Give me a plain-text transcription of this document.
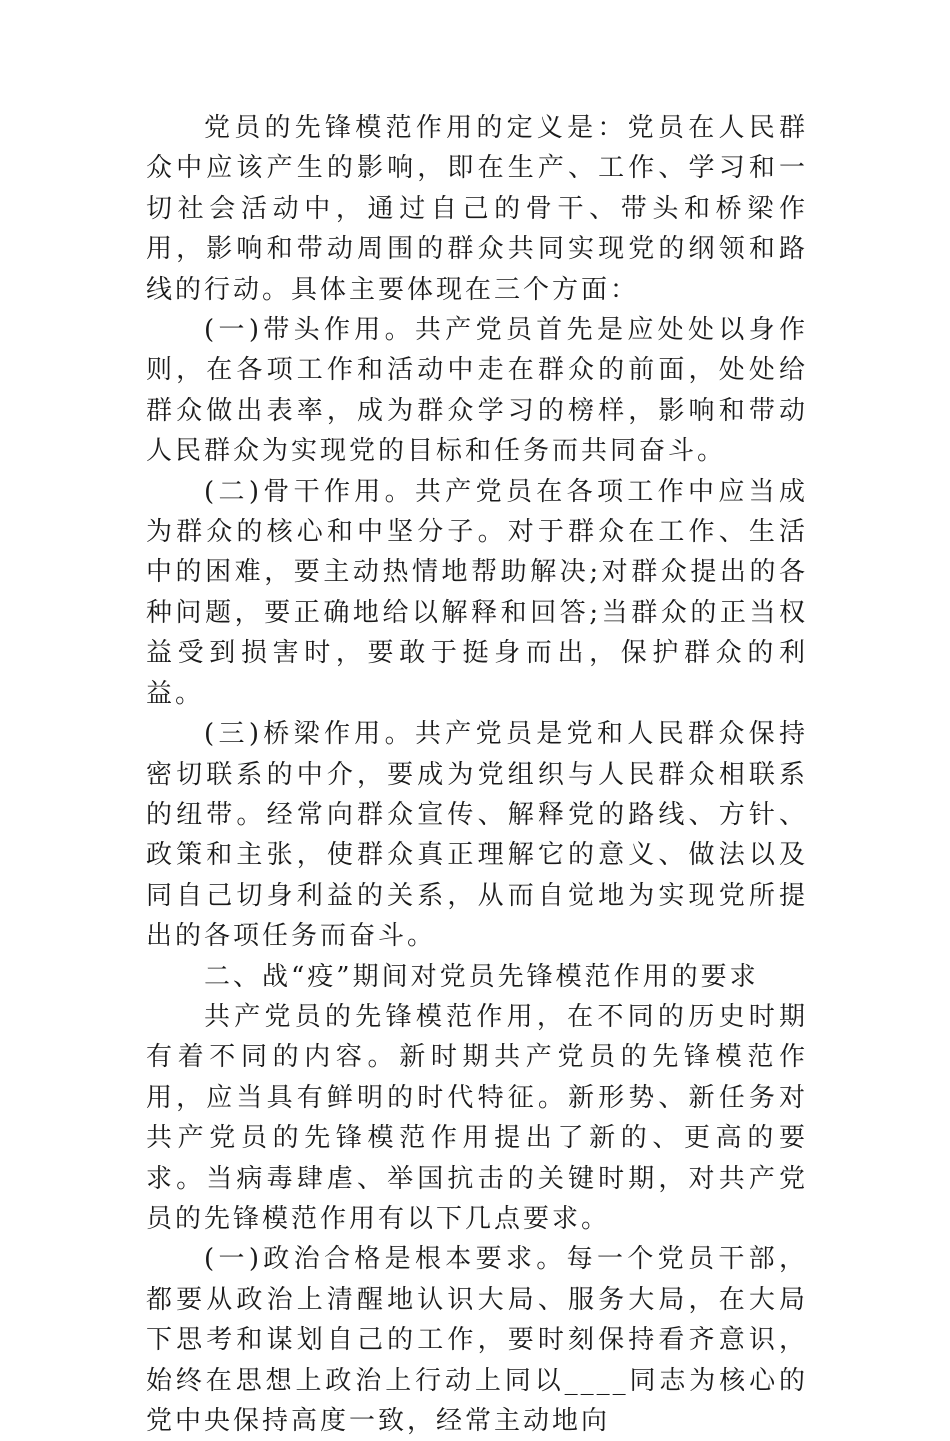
党员的先锋模范作用的定义是：党员在人民群众中应该产生的影响，即在生产、工作、学习和一切社会活动中，通过自己的骨干、带头和桥梁作用，影响和带动周围的群众共同实现党的纲领和路线的行动。具体主要体现在三个方面：

(一)带头作用。共产党员首先是应处处以身作则，在各项工作和活动中走在群众的前面，处处给群众做出表率，成为群众学习的榜样，影响和带动人民群众为实现党的目标和任务而共同奋斗。

(二)骨干作用。共产党员在各项工作中应当成为群众的核心和中坚分子。对于群众在工作、生活中的困难，要主动热情地帮助解决;对群众提出的各种问题，要正确地给以解释和回答;当群众的正当权益受到损害时，要敢于挺身而出，保护群众的利益。

(三)桥梁作用。共产党员是党和人民群众保持密切联系的中介，要成为党组织与人民群众相联系的纽带。经常向群众宣传、解释党的路线、方针、政策和主张，使群众真正理解它的意义、做法以及同自己切身利益的关系，从而自觉地为实现党所提出的各项任务而奋斗。

二、战“疫”期间对党员先锋模范作用的要求

共产党员的先锋模范作用，在不同的历史时期有着不同的内容。新时期共产党员的先锋模范作用，应当具有鲜明的时代特征。新形势、新任务对共产党员的先锋模范作用提出了新的、更高的要求。当病毒肆虐、举国抗击的关键时期，对共产党员的先锋模范作用有以下几点要求。

(一)政治合格是根本要求。每一个党员干部，都要从政治上清醒地认识大局、服务大局，在大局下思考和谋划自己的工作，要时刻保持看齐意识，始终在思想上政治上行动上同以____同志为核心的党中央保持高度一致，经常主动地向
